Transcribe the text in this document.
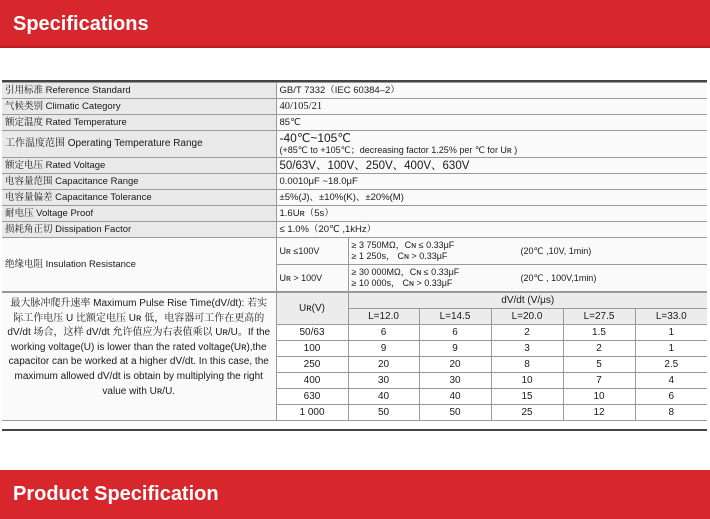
Specifications
引用标准 Reference Standard	GB/T 7332（IEC 60384–2）	
气候类别 Climatic Category	40/105/21	
额定温度 Rated Temperature	85℃	
工作温度范围 Operating Temperature Range	-40℃~105℃
(+85℃ to +105℃；decreasing factor 1.25% per ℃ for Uʀ )	

额定电压 Rated Voltage	50/63V、100V、250V、400V、630V	
电容量范围 Capacitance Range	0.0010μF ~18.0μF	
电容量偏差 Capacitance Tolerance	±5%(J)、±10%(K)、±20%(M)	
耐电压 Voltage Proof	1.6Uʀ（5s）	
损耗角正切 Dissipation Factor	≤ 1.0%（20℃ ,1kHz）	
绝缘电阻 Insulation Resistance	Uʀ ≤100V	≥ 3 750MΩ，Cɴ ≤ 0.33μF
≥ 1 250s， Cɴ > 0.33μF (20℃ ,10V, 1min)

	Uʀ > 100V	≥ 30 000MΩ，Cɴ ≤ 0.33μF
≥ 10 000s， Cɴ > 0.33μF (20℃ , 100V,1min)
最大脉冲爬升速率 Maximum Pulse Rise Time(dV/dt): 若实际工作电压 U 比额定电压 Uʀ 低，电容器可工作在更高的 dV/dt 场合，这样 dV/dt 允许值应为右表值乘以 Uʀ/U。If the working voltage(U) is lower than the rated voltage(Uʀ),the capacitor can be worked at a higher dV/dt. In this case, the maximum allowed dV/dt is obtain by multiplying the right value with Uʀ/U.	Uʀ(V)	dV/dt (V/μs)				
		L=12.0	L=14.5	L=20.0	L=27.5	L=33.0
	50/63	6	6	2	1.5	1
	100	9	9	3	2	1
	250	20	20	8	5	2.5
	400	30	30	10	7	4
	630	40	40	15	10	6
	1 000	50	50	25	12	8
Product Specification
